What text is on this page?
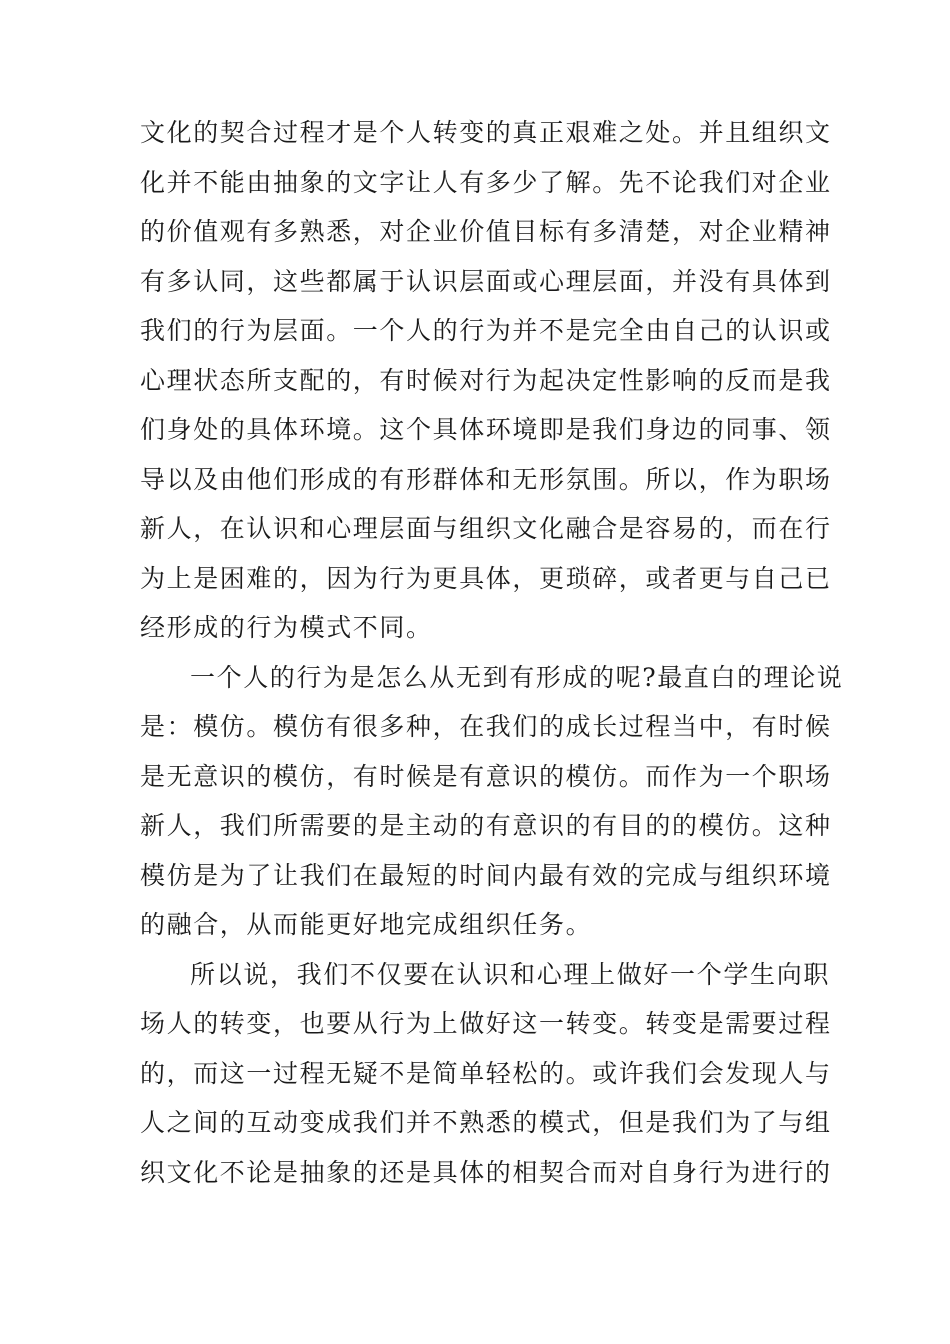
文化的契合过程才是个人转变的真正艰难之处。并且组织文
化并不能由抽象的文字让人有多少了解。先不论我们对企业
的价值观有多熟悉，对企业价值目标有多清楚，对企业精神
有多认同，这些都属于认识层面或心理层面，并没有具体到
我们的行为层面。一个人的行为并不是完全由自己的认识或
心理状态所支配的，有时候对行为起决定性影响的反而是我
们身处的具体环境。这个具体环境即是我们身边的同事、领
导以及由他们形成的有形群体和无形氛围。所以，作为职场
新人，在认识和心理层面与组织文化融合是容易的，而在行
为上是困难的，因为行为更具体，更琐碎，或者更与自己已
经形成的行为模式不同。
一个人的行为是怎么从无到有形成的呢?最直白的理论说
是：模仿。模仿有很多种，在我们的成长过程当中，有时候
是无意识的模仿，有时候是有意识的模仿。而作为一个职场
新人，我们所需要的是主动的有意识的有目的的模仿。这种
模仿是为了让我们在最短的时间内最有效的完成与组织环境
的融合，从而能更好地完成组织任务。
所以说，我们不仅要在认识和心理上做好一个学生向职
场人的转变，也要从行为上做好这一转变。转变是需要过程
的，而这一过程无疑不是简单轻松的。或许我们会发现人与
人之间的互动变成我们并不熟悉的模式，但是我们为了与组
织文化不论是抽象的还是具体的相契合而对自身行为进行的
